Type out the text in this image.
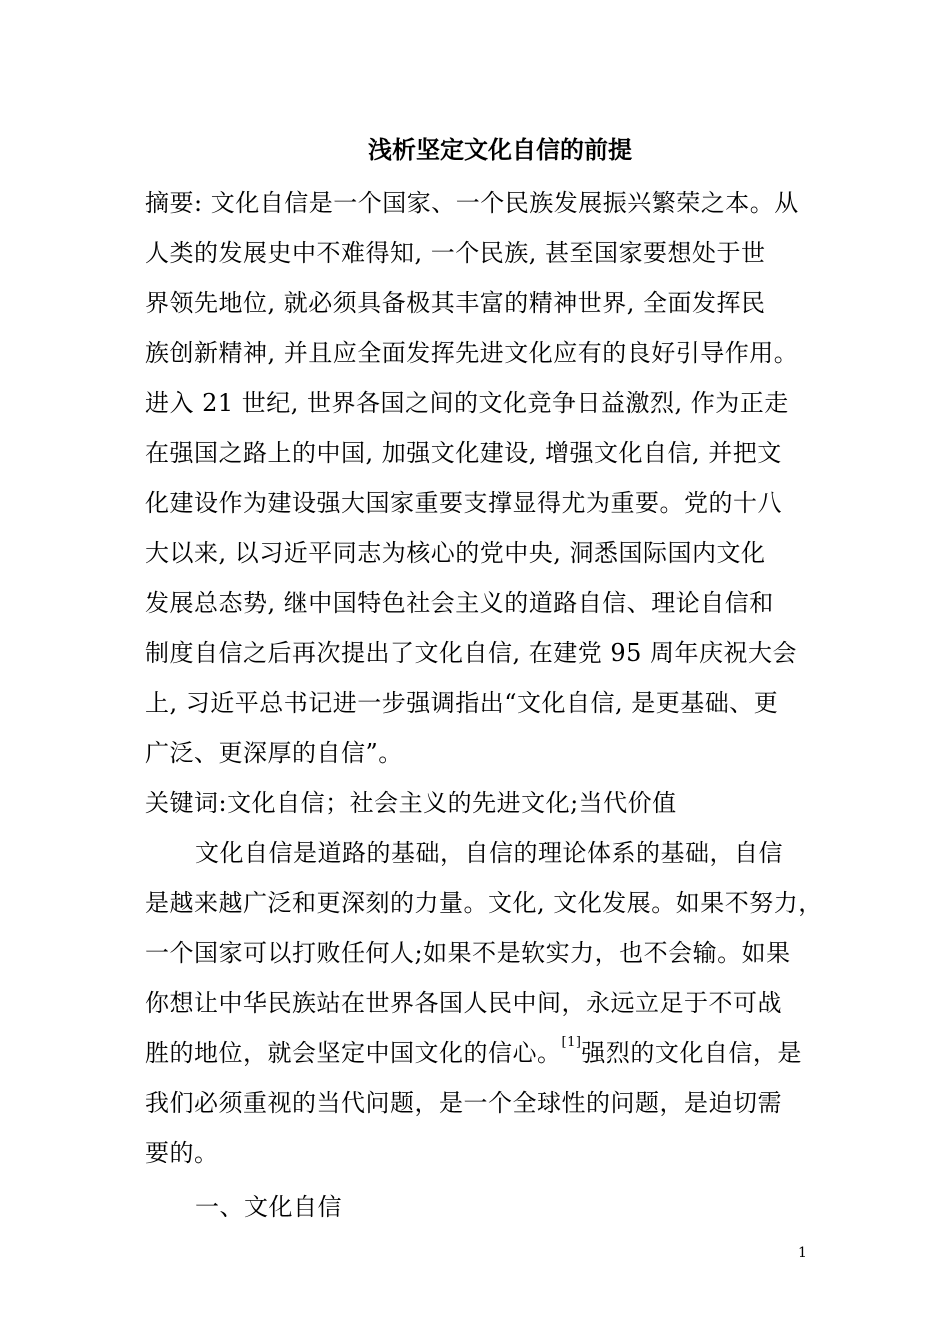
浅析坚定文化自信的前提
摘要: 文化自信是一个国家、一个民族发展振兴繁荣之本。从
人类的发展史中不难得知, 一个民族, 甚至国家要想处于世
界领先地位, 就必须具备极其丰富的精神世界, 全面发挥民
族创新精神, 并且应全面发挥先进文化应有的良好引导作用。
进入 21 世纪, 世界各国之间的文化竞争日益激烈, 作为正走
在强国之路上的中国, 加强文化建设, 增强文化自信, 并把文
化建设作为建设强大国家重要支撑显得尤为重要。党的十八
大以来, 以习近平同志为核心的党中央, 洞悉国际国内文化
发展总态势, 继中国特色社会主义的道路自信、理论自信和
制度自信之后再次提出了文化自信, 在建党 95 周年庆祝大会
上, 习近平总书记进一步强调指出“文化自信, 是更基础、更
广泛、更深厚的自信”。
关键词:文化自信；社会主义的先进文化;当代价值
文化自信是道路的基础，自信的理论体系的基础，自信
是越来越广泛和更深刻的力量。文化, 文化发展。如果不努力，
一个国家可以打败任何人;如果不是软实力，也不会输。如果
你想让中华民族站在世界各国人民中间，永远立足于不可战
胜的地位，就会坚定中国文化的信心。[1]强烈的文化自信，是
我们必须重视的当代问题，是一个全球性的问题，是迫切需
要的。
一、文化自信
1
